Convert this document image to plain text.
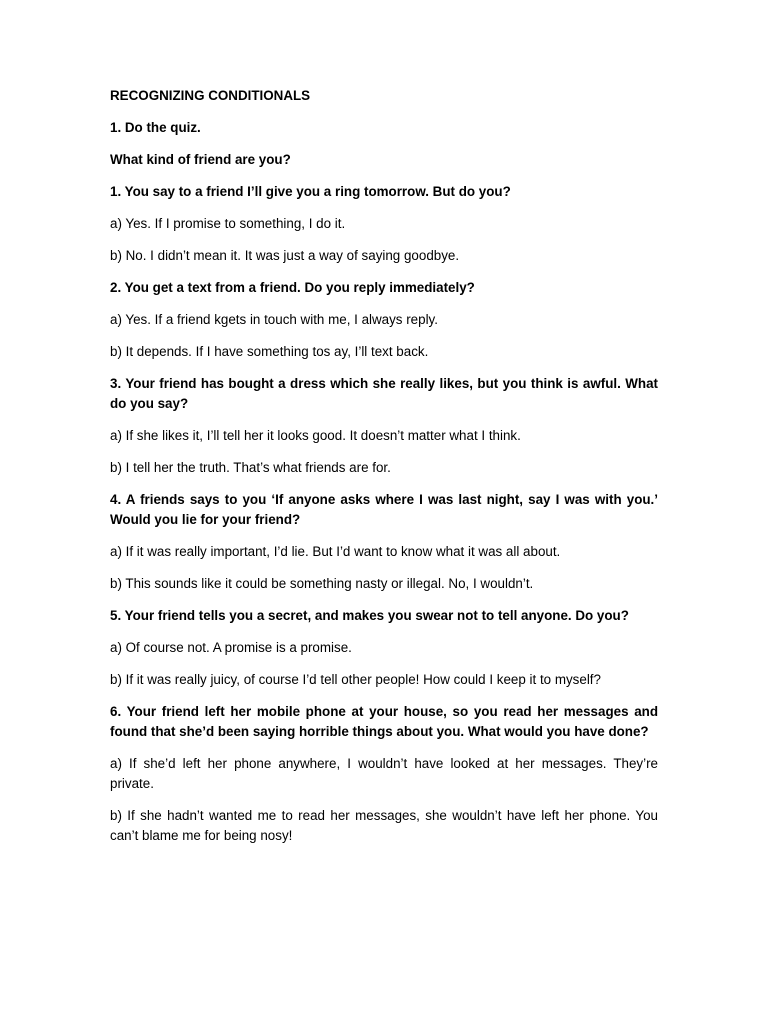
RECOGNIZING CONDITIONALS

1. Do the quiz.

What kind of friend are you?

1. You say to a friend I’ll give you a ring tomorrow. But do you?

a) Yes. If I promise to something, I do it.

b) No. I didn’t mean it. It was just a way of saying goodbye.

2. You get a text from a friend. Do you reply immediately?

a) Yes. If a friend kgets in touch with me, I always reply.

b) It depends. If I have something tos ay, I’ll text back.

3. Your friend has bought a dress which she really likes, but you think is awful. What do you say?

a) If she likes it, I’ll tell her it looks good. It doesn’t matter what I think.

b) I tell her the truth. That’s what friends are for.

4. A friends says to you ‘If anyone asks where I was last night, say I was with you.’ Would you lie for your friend?

a) If it was really important, I’d lie. But I’d want to know what it was all about.

b) This sounds like it could be something nasty or illegal. No, I wouldn’t.

5. Your friend tells you a secret, and makes you swear not to tell anyone. Do you?

a) Of course not. A promise is a promise.

b) If it was really juicy, of course I’d tell other people! How could I keep it to myself?

6. Your friend left her mobile phone at your house, so you read her messages and found that she’d been saying horrible things about you. What would you have done?

a) If she’d left her phone anywhere, I wouldn’t have looked at her messages. They’re private.

b) If she hadn’t wanted me to read her messages, she wouldn’t have left her phone. You can’t blame me for being nosy!
